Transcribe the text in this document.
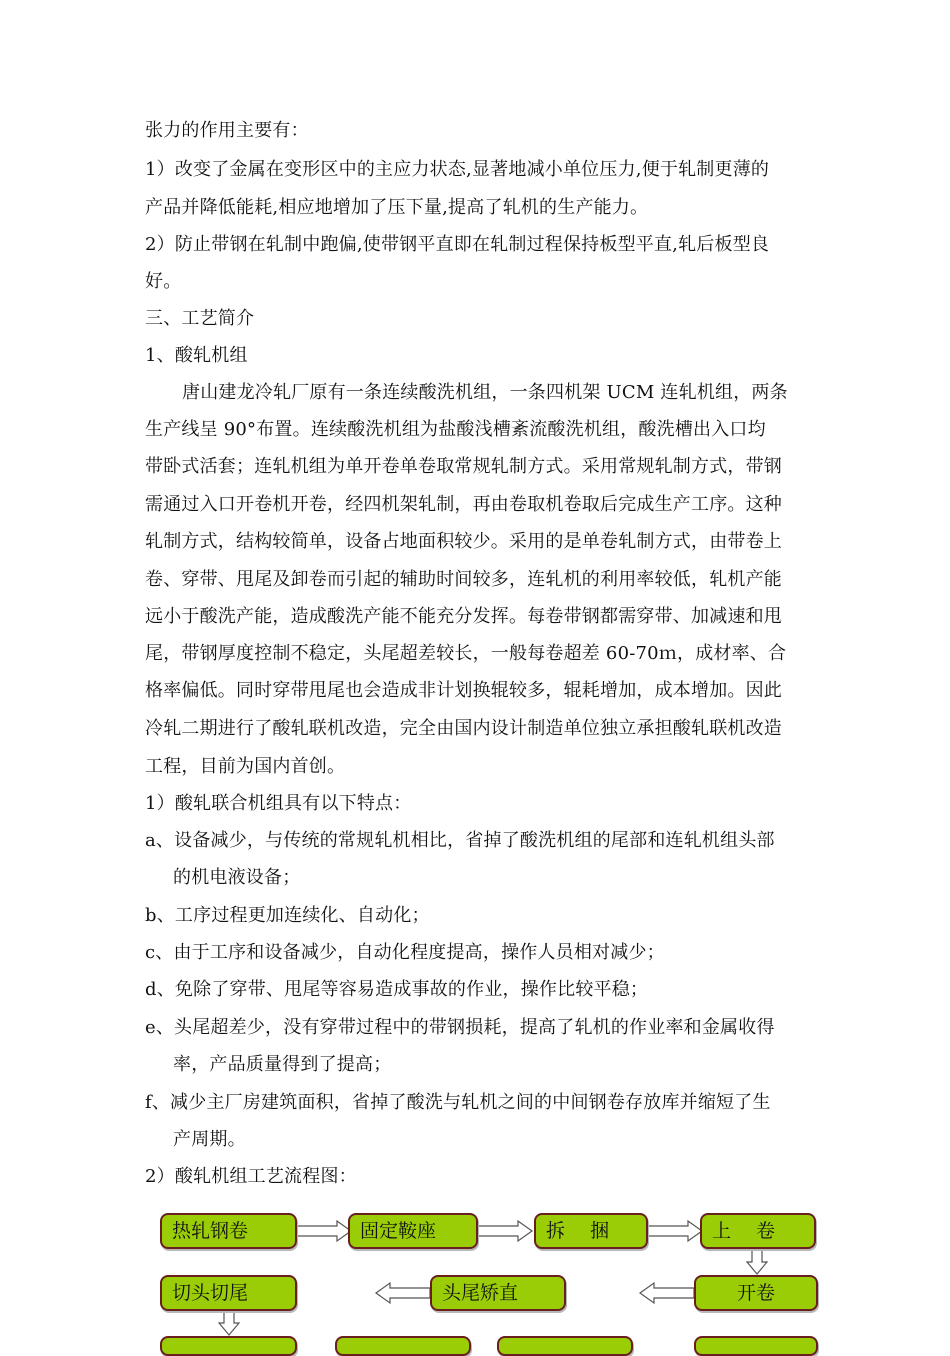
张力的作用主要有：
1）改变了金属在变形区中的主应力状态,显著地减小单位压力,便于轧制更薄的
产品并降低能耗,相应地增加了压下量,提高了轧机的生产能力。
2）防止带钢在轧制中跑偏,使带钢平直即在轧制过程保持板型平直,轧后板型良
好。
三、工艺简介
1、酸轧机组
唐山建龙冷轧厂原有一条连续酸洗机组，一条四机架 UCM 连轧机组，两条
生产线呈 90°布置。连续酸洗机组为盐酸浅槽紊流酸洗机组，酸洗槽出入口均
带卧式活套；连轧机组为单开卷单卷取常规轧制方式。采用常规轧制方式，带钢
需通过入口开卷机开卷，经四机架轧制，再由卷取机卷取后完成生产工序。这种
轧制方式，结构较简单，设备占地面积较少。采用的是单卷轧制方式，由带卷上
卷、穿带、甩尾及卸卷而引起的辅助时间较多，连轧机的利用率较低，轧机产能
远小于酸洗产能，造成酸洗产能不能充分发挥。每卷带钢都需穿带、加减速和甩
尾，带钢厚度控制不稳定，头尾超差较长，一般每卷超差 60-70ｍ，成材率、合
格率偏低。同时穿带甩尾也会造成非计划换辊较多，辊耗增加，成本增加。因此
冷轧二期进行了酸轧联机改造，完全由国内设计制造单位独立承担酸轧联机改造
工程，目前为国内首创。
1）酸轧联合机组具有以下特点：
a、设备减少，与传统的常规轧机相比，省掉了酸洗机组的尾部和连轧机组头部
的机电液设备；
b、工序过程更加连续化、自动化；
c、由于工序和设备减少，自动化程度提高，操作人员相对减少；
d、免除了穿带、甩尾等容易造成事故的作业，操作比较平稳；
e、头尾超差少，没有穿带过程中的带钢损耗，提高了轧机的作业率和金属收得
率，产品质量得到了提高；
f、减少主厂房建筑面积，省掉了酸洗与轧机之间的中间钢卷存放库并缩短了生
产周期。
2）酸轧机组工艺流程图：
热轧钢卷	固定鞍座	拆　 捆	上　 卷
切头切尾	头尾矫直	开卷
